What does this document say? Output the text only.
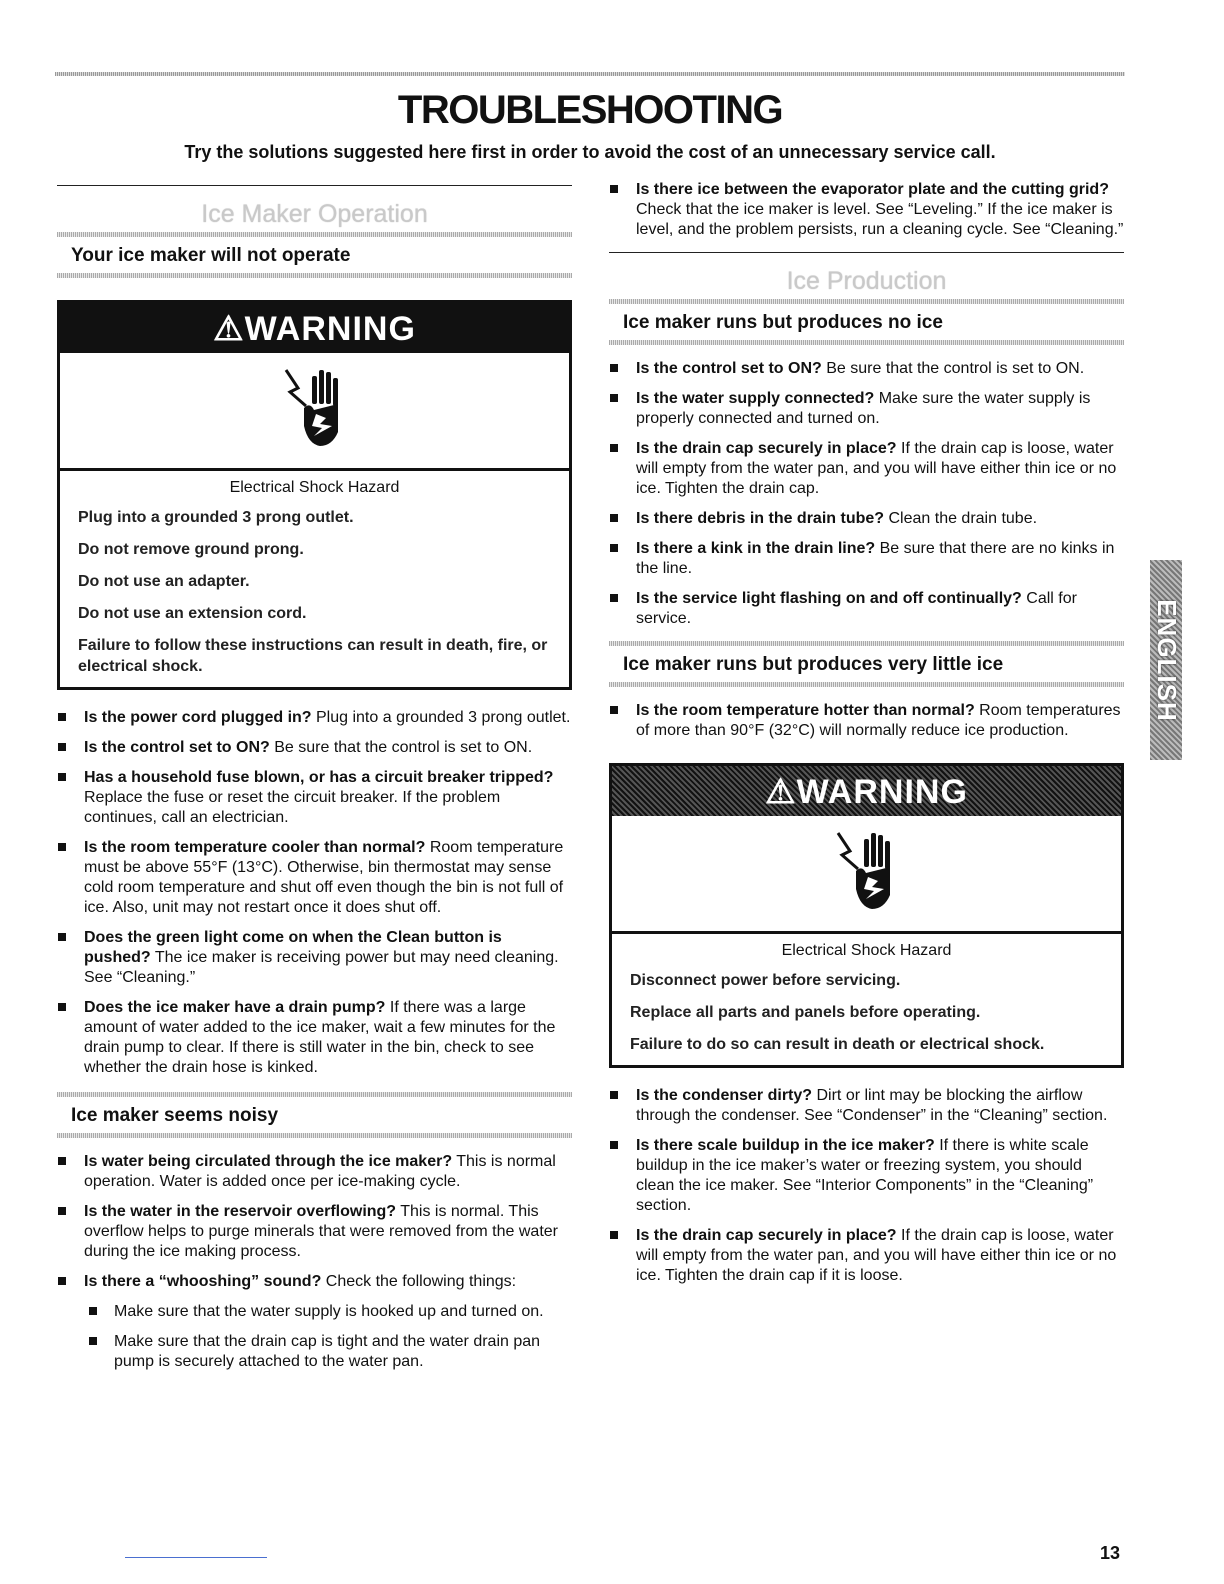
TROUBLESHOOTING
Try the solutions suggested here first in order to avoid the cost of an unnecessary service call.
Ice Maker Operation
Your ice maker will not operate
⚠WARNING
Electrical Shock Hazard

Plug into a grounded 3 prong outlet.

Do not remove ground prong.

Do not use an adapter.

Do not use an extension cord.

Failure to follow these instructions can result in death, fire, or electrical shock.

Is the power cord plugged in? Plug into a grounded 3 prong outlet.
Is the control set to ON? Be sure that the control is set to ON.
Has a household fuse blown, or has a circuit breaker tripped? Replace the fuse or reset the circuit breaker. If the problem continues, call an electrician.
Is the room temperature cooler than normal? Room temperature must be above 55°F (13°C). Otherwise, bin thermostat may sense cold room temperature and shut off even though the bin is not full of ice. Also, unit may not restart once it does shut off.
Does the green light come on when the Clean button is pushed? The ice maker is receiving power but may need cleaning. See “Cleaning.”
Does the ice maker have a drain pump? If there was a large amount of water added to the ice maker, wait a few minutes for the drain pump to clear. If there is still water in the bin, check to see whether the drain hose is kinked.
Ice maker seems noisy
Is water being circulated through the ice maker? This is normal operation. Water is added once per ice-making cycle.
Is the water in the reservoir overflowing? This is normal. This overflow helps to purge minerals that were removed from the water during the ice making process.
Is there a “whooshing” sound? Check the following things:
Make sure that the water supply is hooked up and turned on.
Make sure that the drain cap is tight and the water drain pan pump is securely attached to the water pan.
Is there ice between the evaporator plate and the cutting grid? Check that the ice maker is level. See “Leveling.” If the ice maker is level, and the problem persists, run a cleaning cycle. See “Cleaning.”
Ice Production
Ice maker runs but produces no ice
Is the control set to ON? Be sure that the control is set to ON.
Is the water supply connected? Make sure the water supply is properly connected and turned on.
Is the drain cap securely in place? If the drain cap is loose, water will empty from the water pan, and you will have either thin ice or no ice. Tighten the drain cap.
Is there debris in the drain tube? Clean the drain tube.
Is there a kink in the drain line? Be sure that there are no kinks in the line.
Is the service light flashing on and off continually? Call for service.
Ice maker runs but produces very little ice
Is the room temperature hotter than normal? Room temperatures of more than 90°F (32°C) will normally reduce ice production.
⚠WARNING
Electrical Shock Hazard

Disconnect power before servicing.

Replace all parts and panels before operating.

Failure to do so can result in death or electrical shock.

Is the condenser dirty? Dirt or lint may be blocking the airflow through the condenser. See “Condenser” in the “Cleaning” section.
Is there scale buildup in the ice maker? If there is white scale buildup in the ice maker’s water or freezing system, you should clean the ice maker. See “Interior Components” in the “Cleaning” section.
Is the drain cap securely in place? If the drain cap is loose, water will empty from the water pan, and you will have either thin ice or no ice. Tighten the drain cap if it is loose.
ENGLISH
13
